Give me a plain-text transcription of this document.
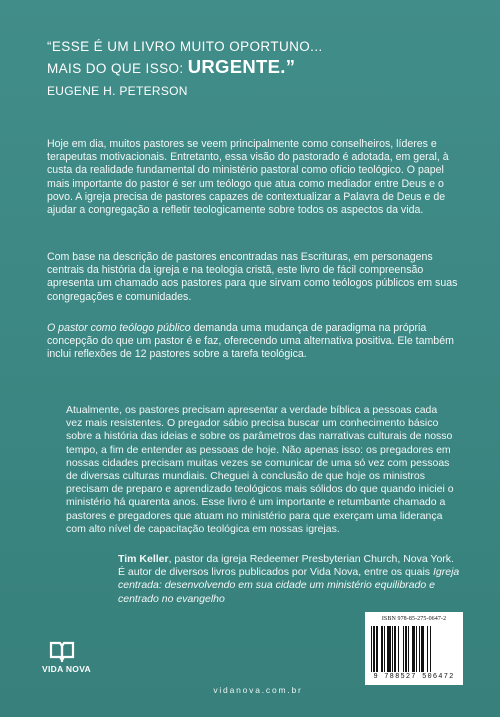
“ESSE É UM LIVRO MUITO OPORTUNO...
MAIS DO QUE ISSO: URGENTE.”
EUGENE H. PETERSON

Hoje em dia, muitos pastores se veem principalmente como conselheiros, líderes e terapeutas motivacionais. Entretanto, essa visão do pastorado é adotada, em geral, à custa da realidade fundamental do ministério pastoral como ofício teológico. O papel mais importante do pastor é ser um teólogo que atua como mediador entre Deus e o povo. A igreja precisa de pastores capazes de contextualizar a Palavra de Deus e de ajudar a congregação a refletir teologicamente sobre todos os aspectos da vida.

Com base na descrição de pastores encontradas nas Escrituras, em personagens centrais da história da igreja e na teologia cristã, este livro de fácil compreensão apresenta um chamado aos pastores para que sirvam como teólogos públicos em suas congregações e comunidades.

O pastor como teólogo público demanda uma mudança de paradigma na própria concepção do que um pastor é e faz, oferecendo uma alternativa positiva. Ele também inclui reflexões de 12 pastores sobre a tarefa teológica.

Atualmente, os pastores precisam apresentar a verdade bíblica a pessoas cada vez mais resistentes. O pregador sábio precisa buscar um conhecimento básico sobre a história das ideias e sobre os parâmetros das narrativas culturais de nosso tempo, a fim de entender as pessoas de hoje. Não apenas isso: os pregadores em nossas cidades precisam muitas vezes se comunicar de uma só vez com pessoas de diversas culturas mundiais. Cheguei à conclusão de que hoje os ministros precisam de preparo e aprendizado teológicos mais sólidos do que quando iniciei o ministério há quarenta anos. Esse livro é um importante e retumbante chamado a pastores e pregadores que atuam no ministério para que exerçam uma liderança com alto nível de capacitação teológica em nossas igrejas.

Tim Keller, pastor da igreja Redeemer Presbyterian Church, Nova York.
É autor de diversos livros publicados por Vida Nova, entre os quais Igreja centrada: desenvolvendo em sua cidade um ministério equilibrado e centrado no evangelho

ISBN 978-85-275-0647-2
9 788527 506472
VIDA NOVA
vidanova.com.br
